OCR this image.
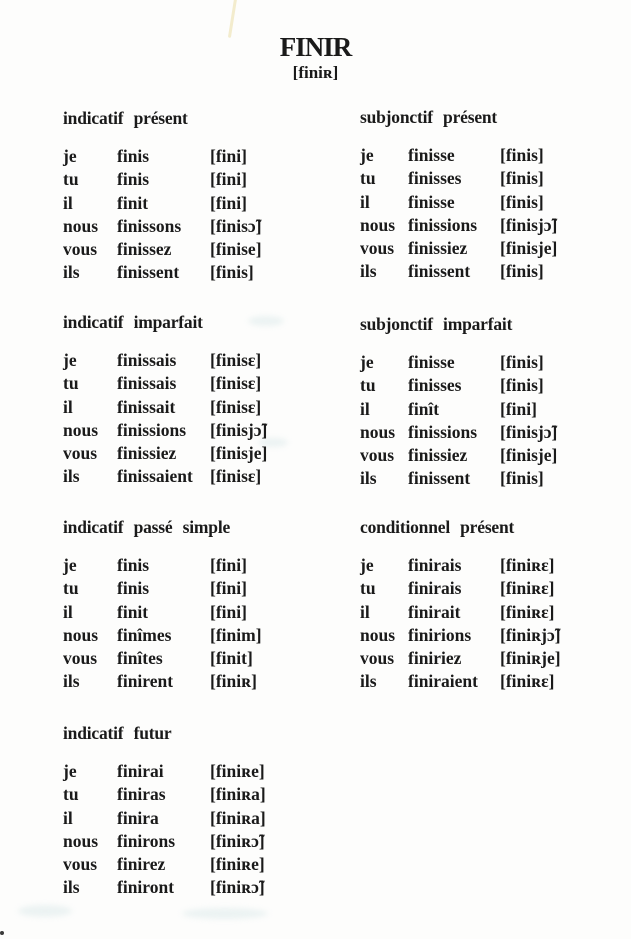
FINIR
[finiʀ]
indicatif présent
je	finis	[fini]
tu	finis	[fini]
il	finit	[fini]
nous	finissons	[finisɔ̃]
vous	finissez	[finise]
ils	finissent	[finis]
indicatif imparfait
je	finissais	[finisɛ]
tu	finissais	[finisɛ]
il	finissait	[finisɛ]
nous	finissions	[finisjɔ̃]
vous	finissiez	[finisje]
ils	finissaient [finisɛ]
indicatif passé simple
je	finis	[fini]
tu	finis	[fini]
il	finit	[fini]
nous	finîmes	[finim]
vous	finîtes	[finit]
ils	finirent	[finiʀ]
indicatif futur
je	finirai	[finiʀe]
tu	finiras	[finiʀa]
il	finira	[finiʀa]
nous	finirons	[finiʀɔ̃]
vous	finirez	[finiʀe]
ils	finiront	[finiʀɔ̃]
subjonctif présent
je	finisse	[finis]
tu	finisses	[finis]
il	finisse	[finis]
nous finissions	[finisjɔ̃]
vous finissiez	[finisje]
ils	finissent	[finis]
subjonctif imparfait
je	finisse	[finis]
tu	finisses	[finis]
il	finît	[fini]
nous finissions	[finisjɔ̃]
vous finissiez	[finisje]
ils	finissent	[finis]
conditionnel présent
je	finirais	[finiʀɛ]
tu	finirais	[finiʀɛ]
il	finirait	[finiʀɛ]
nous finirions	[finiʀjɔ̃]
vous finiriez	[finiʀje]
ils	finiraient	[finiʀɛ]
